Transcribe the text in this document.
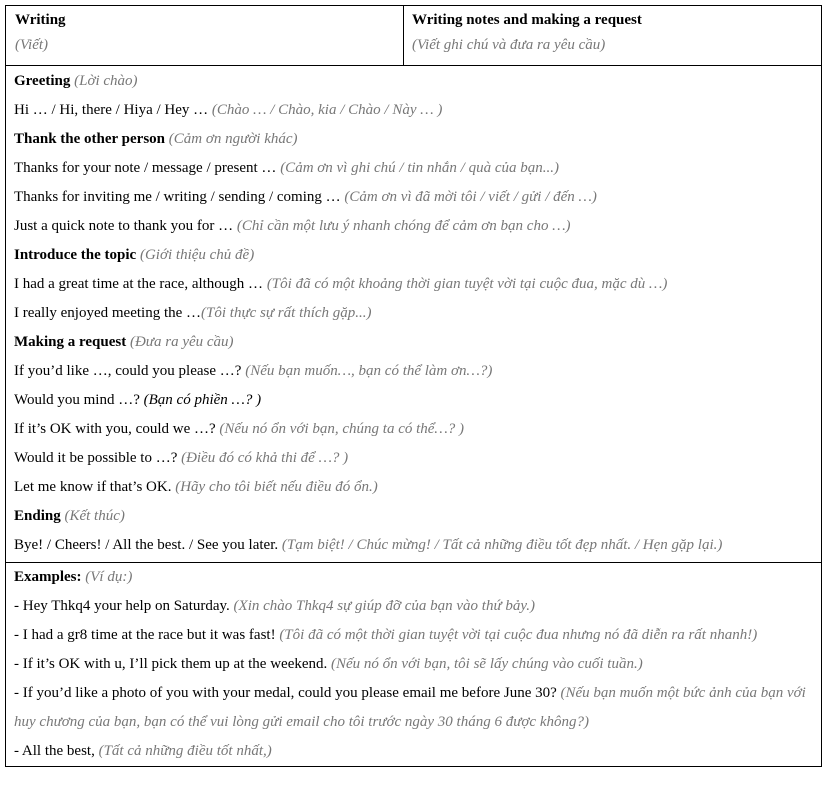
Writing
(Viết)
Writing notes and making a request
(Viết ghi chú và đưa ra yêu cầu)
Greeting (Lời chào)
Hi … / Hi, there / Hiya / Hey … (Chào … / Chào, kia / Chào / Này … )
Thank the other person (Cảm ơn người khác)
Thanks for your note / message / present … (Cảm ơn vì ghi chú / tin nhắn / quà của bạn...)
Thanks for inviting me / writing / sending / coming … (Cảm ơn vì đã mời tôi / viết / gửi / đến …)
Just a quick note to thank you for … (Chỉ cần một lưu ý nhanh chóng để cảm ơn bạn cho …)
Introduce the topic (Giới thiệu chủ đề)
I had a great time at the race, although … (Tôi đã có một khoảng thời gian tuyệt vời tại cuộc đua, mặc dù …)
I really enjoyed meeting the …(Tôi thực sự rất thích gặp...)
Making a request (Đưa ra yêu cầu)
If you’d like …, could you please …? (Nếu bạn muốn…, bạn có thể làm ơn…?)
Would you mind …? (Bạn có phiền …? )
If it’s OK with you, could we …? (Nếu nó ổn với bạn, chúng ta có thể…? )
Would it be possible to …? (Điều đó có khả thi để …? )
Let me know if that’s OK. (Hãy cho tôi biết nếu điều đó ổn.)
Ending (Kết thúc)
Bye! / Cheers! / All the best. / See you later. (Tạm biệt! / Chúc mừng! / Tất cả những điều tốt đẹp nhất. / Hẹn gặp lại.)
Examples: (Ví dụ:)
- Hey Thkq4 your help on Saturday. (Xin chào Thkq4 sự giúp đỡ của bạn vào thứ bảy.)
- I had a gr8 time at the race but it was fast! (Tôi đã có một thời gian tuyệt vời tại cuộc đua nhưng nó đã diễn ra rất nhanh!)
- If it’s OK with u, I’ll pick them up at the weekend. (Nếu nó ổn với bạn, tôi sẽ lấy chúng vào cuối tuần.)
- If you’d like a photo of you with your medal, could you please email me before June 30? (Nếu bạn muốn một bức ảnh của bạn với huy chương của bạn, bạn có thể vui lòng gửi email cho tôi trước ngày 30 tháng 6 được không?)
- All the best, (Tất cả những điều tốt nhất,)
